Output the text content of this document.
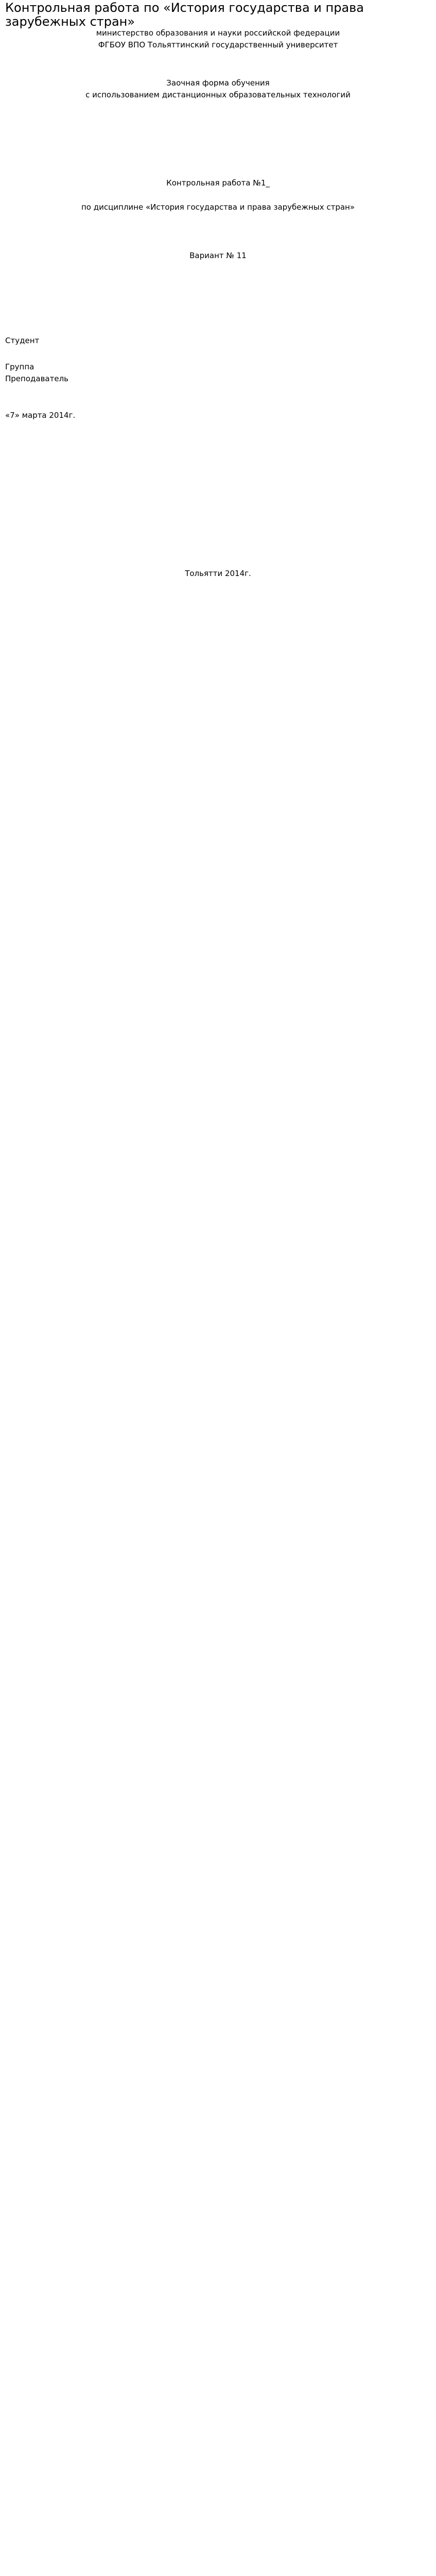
Контрольная работа по «История государства и права зарубежных стран»
министерство образования и науки российской федерации
ФГБОУ ВПО Тольяттинский государственный университет
Заочная форма обучения
с использованием дистанционных образовательных технологий
Контрольная работа №1_
по дисциплине «История государства и права зарубежных стран»
Вариант № 11
Студент
Группа
Преподаватель
«7» марта 2014г.
Тольятти 2014г.
